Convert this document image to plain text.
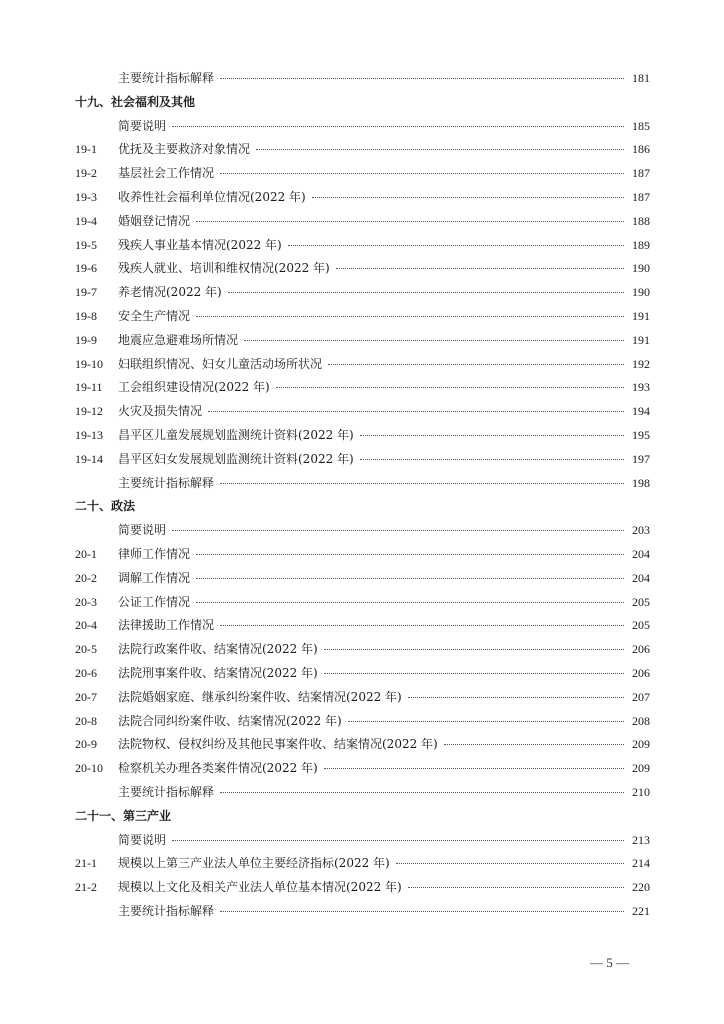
主要统计指标解释	181
十九、社会福利及其他
简要说明	185
19-1	优抚及主要救济对象情况	186
19-2	基层社会工作情况	187
19-3	收养性社会福利单位情况(2022 年)	187
19-4	婚姻登记情况	188
19-5	残疾人事业基本情况(2022 年)	189
19-6	残疾人就业、培训和维权情况(2022 年)	190
19-7	养老情况(2022 年)	190
19-8	安全生产情况	191
19-9	地震应急避难场所情况	191
19-10	妇联组织情况、妇女儿童活动场所状况	192
19-11	工会组织建设情况(2022 年)	193
19-12	火灾及损失情况	194
19-13	昌平区儿童发展规划监测统计资料(2022 年)	195
19-14	昌平区妇女发展规划监测统计资料(2022 年)	197
主要统计指标解释	198
二十、政法
简要说明	203
20-1	律师工作情况	204
20-2	调解工作情况	204
20-3	公证工作情况	205
20-4	法律援助工作情况	205
20-5	法院行政案件收、结案情况(2022 年)	206
20-6	法院刑事案件收、结案情况(2022 年)	206
20-7	法院婚姻家庭、继承纠纷案件收、结案情况(2022 年)	207
20-8	法院合同纠纷案件收、结案情况(2022 年)	208
20-9	法院物权、侵权纠纷及其他民事案件收、结案情况(2022 年)	209
20-10	检察机关办理各类案件情况(2022 年)	209
主要统计指标解释	210
二十一、第三产业
简要说明	213
21-1	规模以上第三产业法人单位主要经济指标(2022 年)	214
21-2	规模以上文化及相关产业法人单位基本情况(2022 年)	220
主要统计指标解释	221
— 5 —
